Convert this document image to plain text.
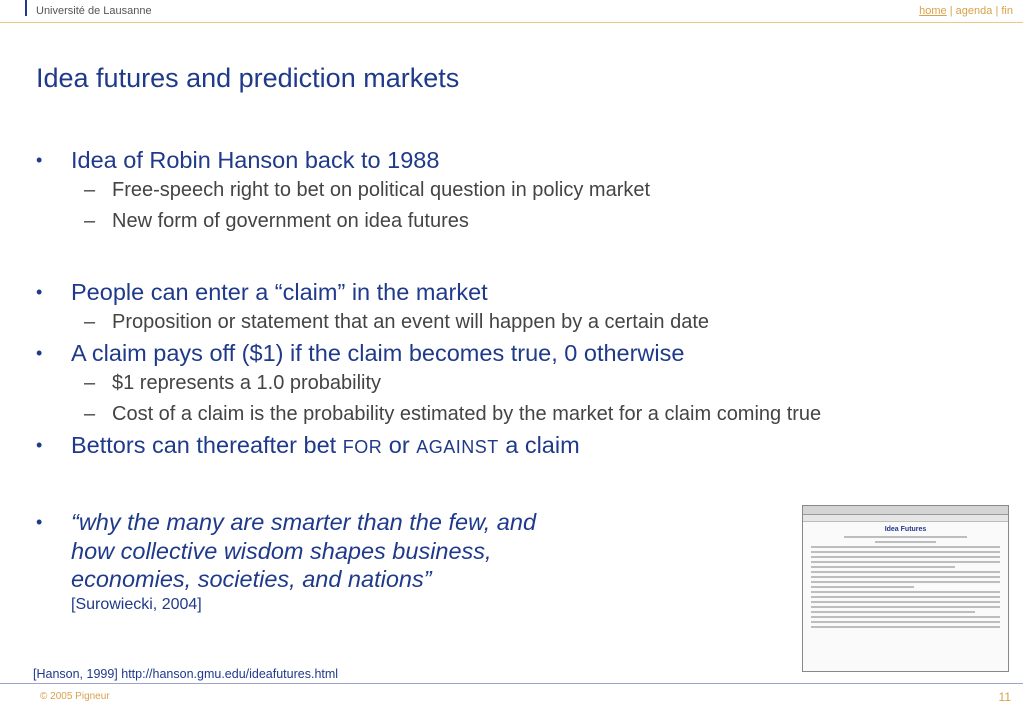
Université de Lausanne	home | agenda | fin
Idea futures and prediction markets
• Idea of Robin Hanson back to 1988
– Free-speech right to bet on political question in policy market
– New form of government on idea futures
• People can enter a “claim” in the market
– Proposition or statement that an event will happen by a certain date
• A claim pays off ($1) if the claim becomes true, 0 otherwise
– $1 represents a 1.0 probability
– Cost of a claim is the probability estimated by the market for a claim coming true
• Bettors can thereafter bet FOR or AGAINST a claim
• “why the many are smarter than the few, and
how collective wisdom shapes business,
economies, societies, and nations”
[Surowiecki, 2004]
Idea Futures
[Hanson, 1999] http://hanson.gmu.edu/ideafutures.html
© 2005 Pigneur	11
